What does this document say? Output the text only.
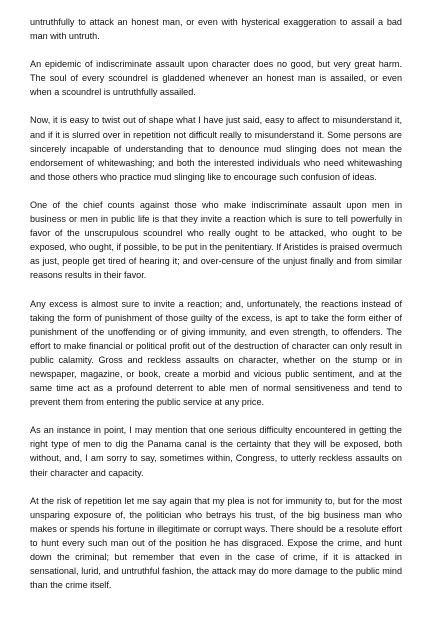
untruthfully to attack an honest man, or even with hysterical exaggeration to assail a bad man with untruth.

An epidemic of indiscriminate assault upon character does no good, but very great harm. The soul of every scoundrel is gladdened whenever an honest man is assailed, or even when a scoundrel is untruthfully assailed.

Now, it is easy to twist out of shape what I have just said, easy to affect to misunderstand it, and if it is slurred over in repetition not difficult really to misunderstand it. Some persons are sincerely incapable of understanding that to denounce mud slinging does not mean the endorsement of whitewashing; and both the interested individuals who need whitewashing and those others who practice mud slinging like to encourage such confusion of ideas.

One of the chief counts against those who make indiscriminate assault upon men in business or men in public life is that they invite a reaction which is sure to tell powerfully in favor of the unscrupulous scoundrel who really ought to be attacked, who ought to be exposed, who ought, if possible, to be put in the penitentiary. If Aristides is praised overmuch as just, people get tired of hearing it; and over-censure of the unjust finally and from similar reasons results in their favor.

Any excess is almost sure to invite a reaction; and, unfortunately, the reactions instead of taking the form of punishment of those guilty of the excess, is apt to take the form either of punishment of the unoffending or of giving immunity, and even strength, to offenders. The effort to make financial or political profit out of the destruction of character can only result in public calamity. Gross and reckless assaults on character, whether on the stump or in newspaper, magazine, or book, create a morbid and vicious public sentiment, and at the same time act as a profound deterrent to able men of normal sensitiveness and tend to prevent them from entering the public service at any price.

As an instance in point, I may mention that one serious difficulty encountered in getting the right type of men to dig the Panama canal is the certainty that they will be exposed, both without, and, I am sorry to say, sometimes within, Congress, to utterly reckless assaults on their character and capacity.

At the risk of repetition let me say again that my plea is not for immunity to, but for the most unsparing exposure of, the politician who betrays his trust, of the big business man who makes or spends his fortune in illegitimate or corrupt ways. There should be a resolute effort to hunt every such man out of the position he has disgraced. Expose the crime, and hunt down the criminal; but remember that even in the case of crime, if it is attacked in sensational, lurid, and untruthful fashion, the attack may do more damage to the public mind than the crime itself.
